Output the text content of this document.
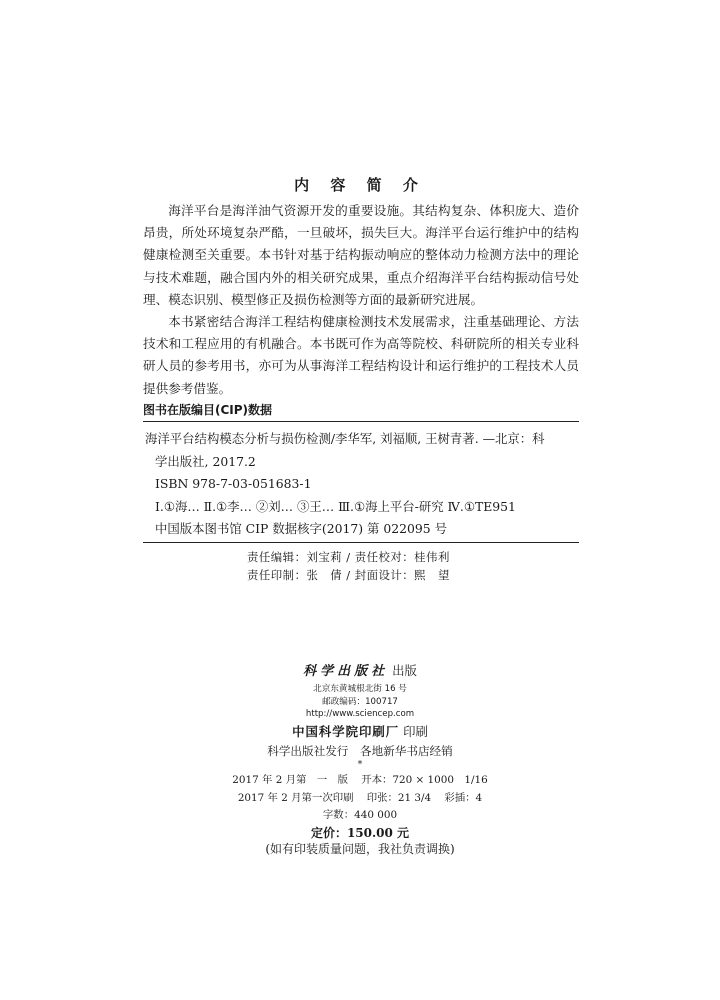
内 容 简 介

海洋平台是海洋油气资源开发的重要设施。其结构复杂、体积庞大、造价昂贵，所处环境复杂严酷，一旦破坏，损失巨大。海洋平台运行维护中的结构健康检测至关重要。本书针对基于结构振动响应的整体动力检测方法中的理论与技术难题，融合国内外的相关研究成果，重点介绍海洋平台结构振动信号处理、模态识别、模型修正及损伤检测等方面的最新研究进展。

本书紧密结合海洋工程结构健康检测技术发展需求，注重基础理论、方法技术和工程应用的有机融合。本书既可作为高等院校、科研院所的相关专业科研人员的参考用书，亦可为从事海洋工程结构设计和运行维护的工程技术人员提供参考借鉴。

图书在版编目(CIP)数据
海洋平台结构模态分析与损伤检测/李华军, 刘福顺, 王树青著. —北京：科
学出版社, 2017.2
ISBN 978-7-03-051683-1
Ⅰ.①海… Ⅱ.①李… ②刘… ③王… Ⅲ.①海上平台-研究 Ⅳ.①TE951
中国版本图书馆 CIP 数据核字(2017) 第 022095 号
责任编辑：刘宝莉 / 责任校对：桂伟利
责任印制：张　倩 / 封面设计：熙　望
科学出版社 出版
北京东黄城根北街 16 号
邮政编码：100717
http://www.sciencep.com
中国科学院印刷厂 印刷
科学出版社发行　各地新华书店经销
*
2017 年 2 月第　一　版 开本：720 × 1000　1/16
2017 年 2 月第一次印刷 印张：21 3/4 彩插：4
字数：440 000
定价：150.00 元
(如有印装质量问题，我社负责调换)
